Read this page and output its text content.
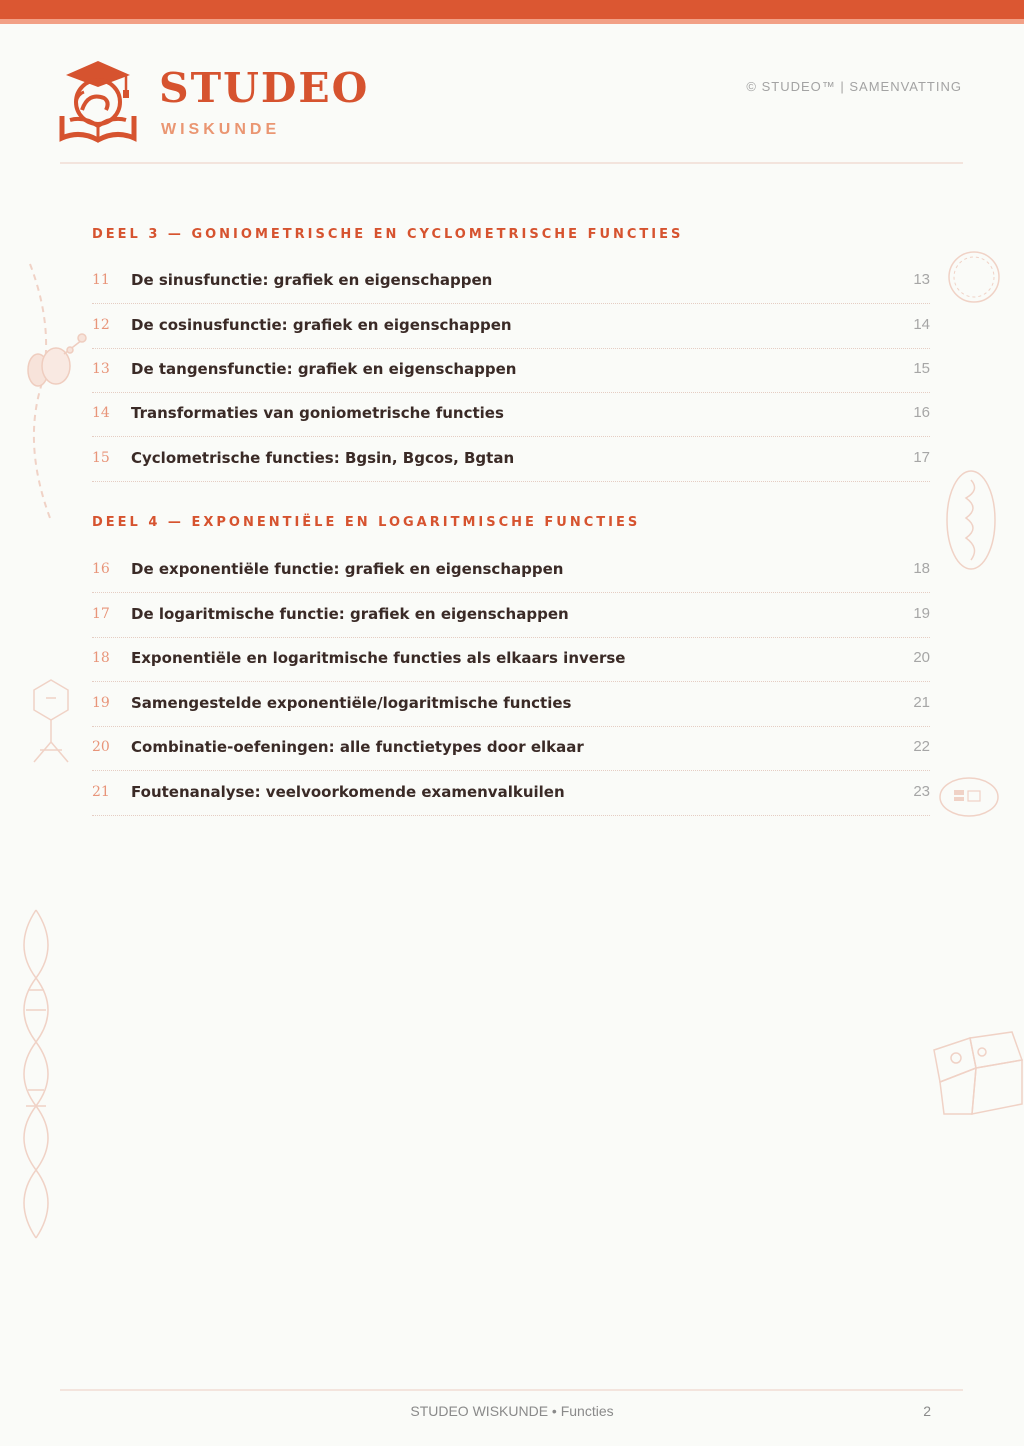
STUDEO
WISKUNDE
© STUDEO™ | SAMENVATTING
DEEL 3 — GONIOMETRISCHE EN CYCLOMETRISCHE FUNCTIES
11 De sinusfunctie: grafiek en eigenschappen	13
12 De cosinusfunctie: grafiek en eigenschappen	14
13 De tangensfunctie: grafiek en eigenschappen	15
14 Transformaties van goniometrische functies	16
15 Cyclometrische functies: Bgsin, Bgcos, Bgtan	17
DEEL 4 — EXPONENTIËLE EN LOGARITMISCHE FUNCTIES
16 De exponentiële functie: grafiek en eigenschappen	18
17 De logaritmische functie: grafiek en eigenschappen	19
18 Exponentiële en logaritmische functies als elkaars inverse	20
19 Samengestelde exponentiële/logaritmische functies	21
20 Combinatie-oefeningen: alle functietypes door elkaar	22
21 Foutenanalyse: veelvoorkomende examenvalkuilen	23
STUDEO WISKUNDE • Functies	2
